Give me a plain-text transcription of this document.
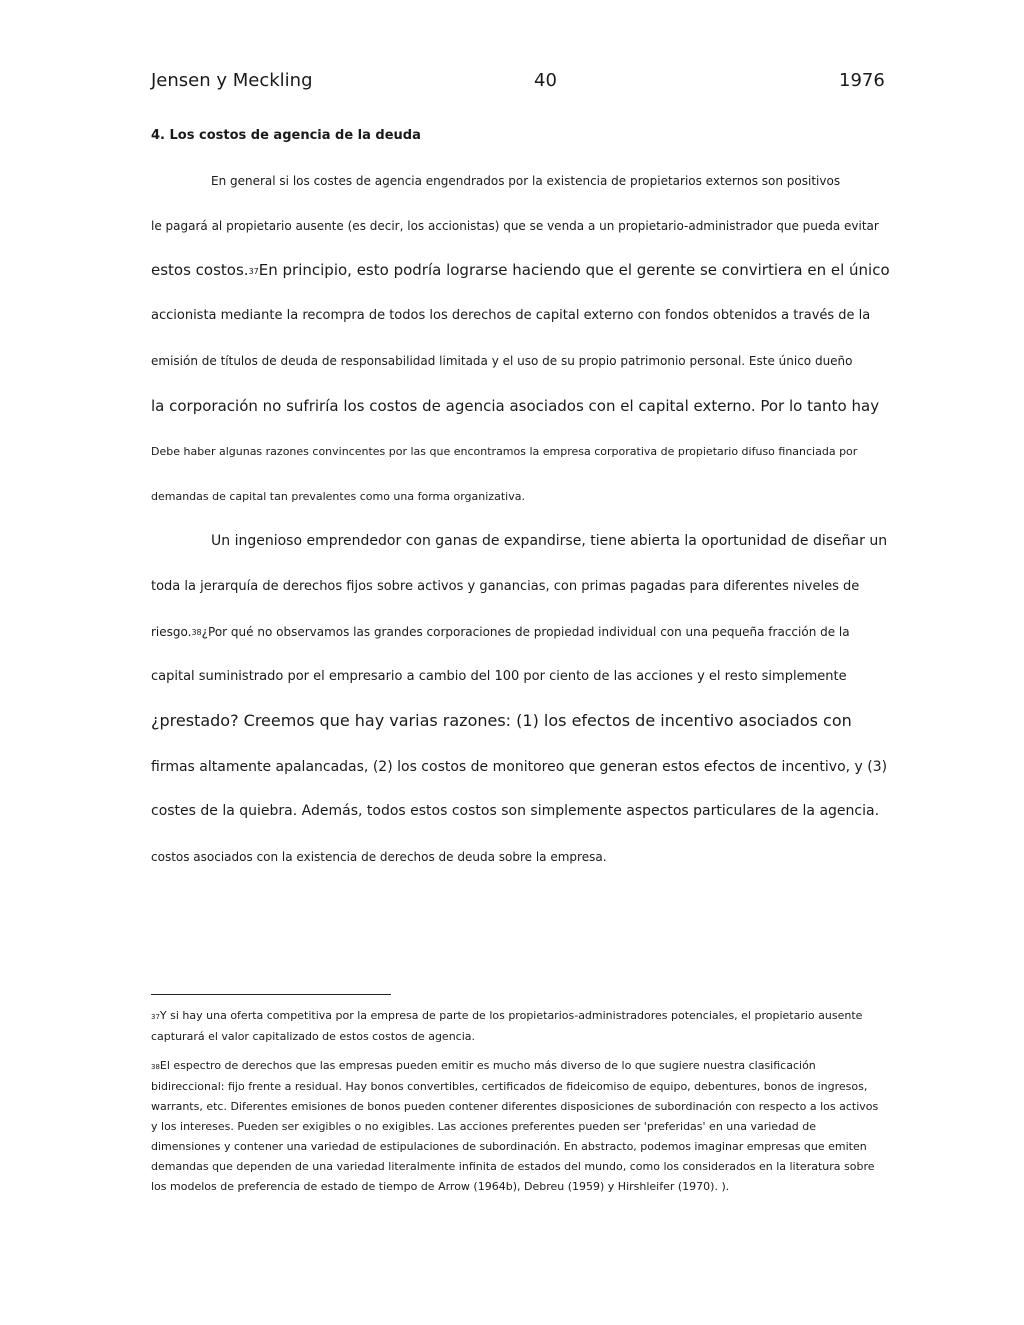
Jensen y Meckling	40	1976
4. Los costos de agencia de la deuda
En general si los costes de agencia engendrados por la existencia de propietarios externos son positivos
le pagará al propietario ausente (es decir, los accionistas) que se venda a un propietario-administrador que pueda evitar
estos costos.37En principio, esto podría lograrse haciendo que el gerente se convirtiera en el único
accionista mediante la recompra de todos los derechos de capital externo con fondos obtenidos a través de la
emisión de títulos de deuda de responsabilidad limitada y el uso de su propio patrimonio personal. Este único dueño
la corporación no sufriría los costos de agencia asociados con el capital externo. Por lo tanto hay
Debe haber algunas razones convincentes por las que encontramos la empresa corporativa de propietario difuso financiada por
demandas de capital tan prevalentes como una forma organizativa.
Un ingenioso emprendedor con ganas de expandirse, tiene abierta la oportunidad de diseñar un
toda la jerarquía de derechos fijos sobre activos y ganancias, con primas pagadas para diferentes niveles de
riesgo.38¿Por qué no observamos las grandes corporaciones de propiedad individual con una pequeña fracción de la
capital suministrado por el empresario a cambio del 100 por ciento de las acciones y el resto simplemente
¿prestado? Creemos que hay varias razones: (1) los efectos de incentivo asociados con
firmas altamente apalancadas, (2) los costos de monitoreo que generan estos efectos de incentivo, y (3)
costes de la quiebra. Además, todos estos costos son simplemente aspectos particulares de la agencia.
costos asociados con la existencia de derechos de deuda sobre la empresa.
37Y si hay una oferta competitiva por la empresa de parte de los propietarios-administradores potenciales, el propietario ausente capturará el valor capitalizado de estos costos de agencia.
38El espectro de derechos que las empresas pueden emitir es mucho más diverso de lo que sugiere nuestra clasificación bidireccional: fijo frente a residual. Hay bonos convertibles, certificados de fideicomiso de equipo, debentures, bonos de ingresos, warrants, etc. Diferentes emisiones de bonos pueden contener diferentes disposiciones de subordinación con respecto a los activos y los intereses. Pueden ser exigibles o no exigibles. Las acciones preferentes pueden ser 'preferidas' en una variedad de dimensiones y contener una variedad de estipulaciones de subordinación. En abstracto, podemos imaginar empresas que emiten demandas que dependen de una variedad literalmente infinita de estados del mundo, como los considerados en la literatura sobre los modelos de preferencia de estado de tiempo de Arrow (1964b), Debreu (1959) y Hirshleifer (1970). ).
